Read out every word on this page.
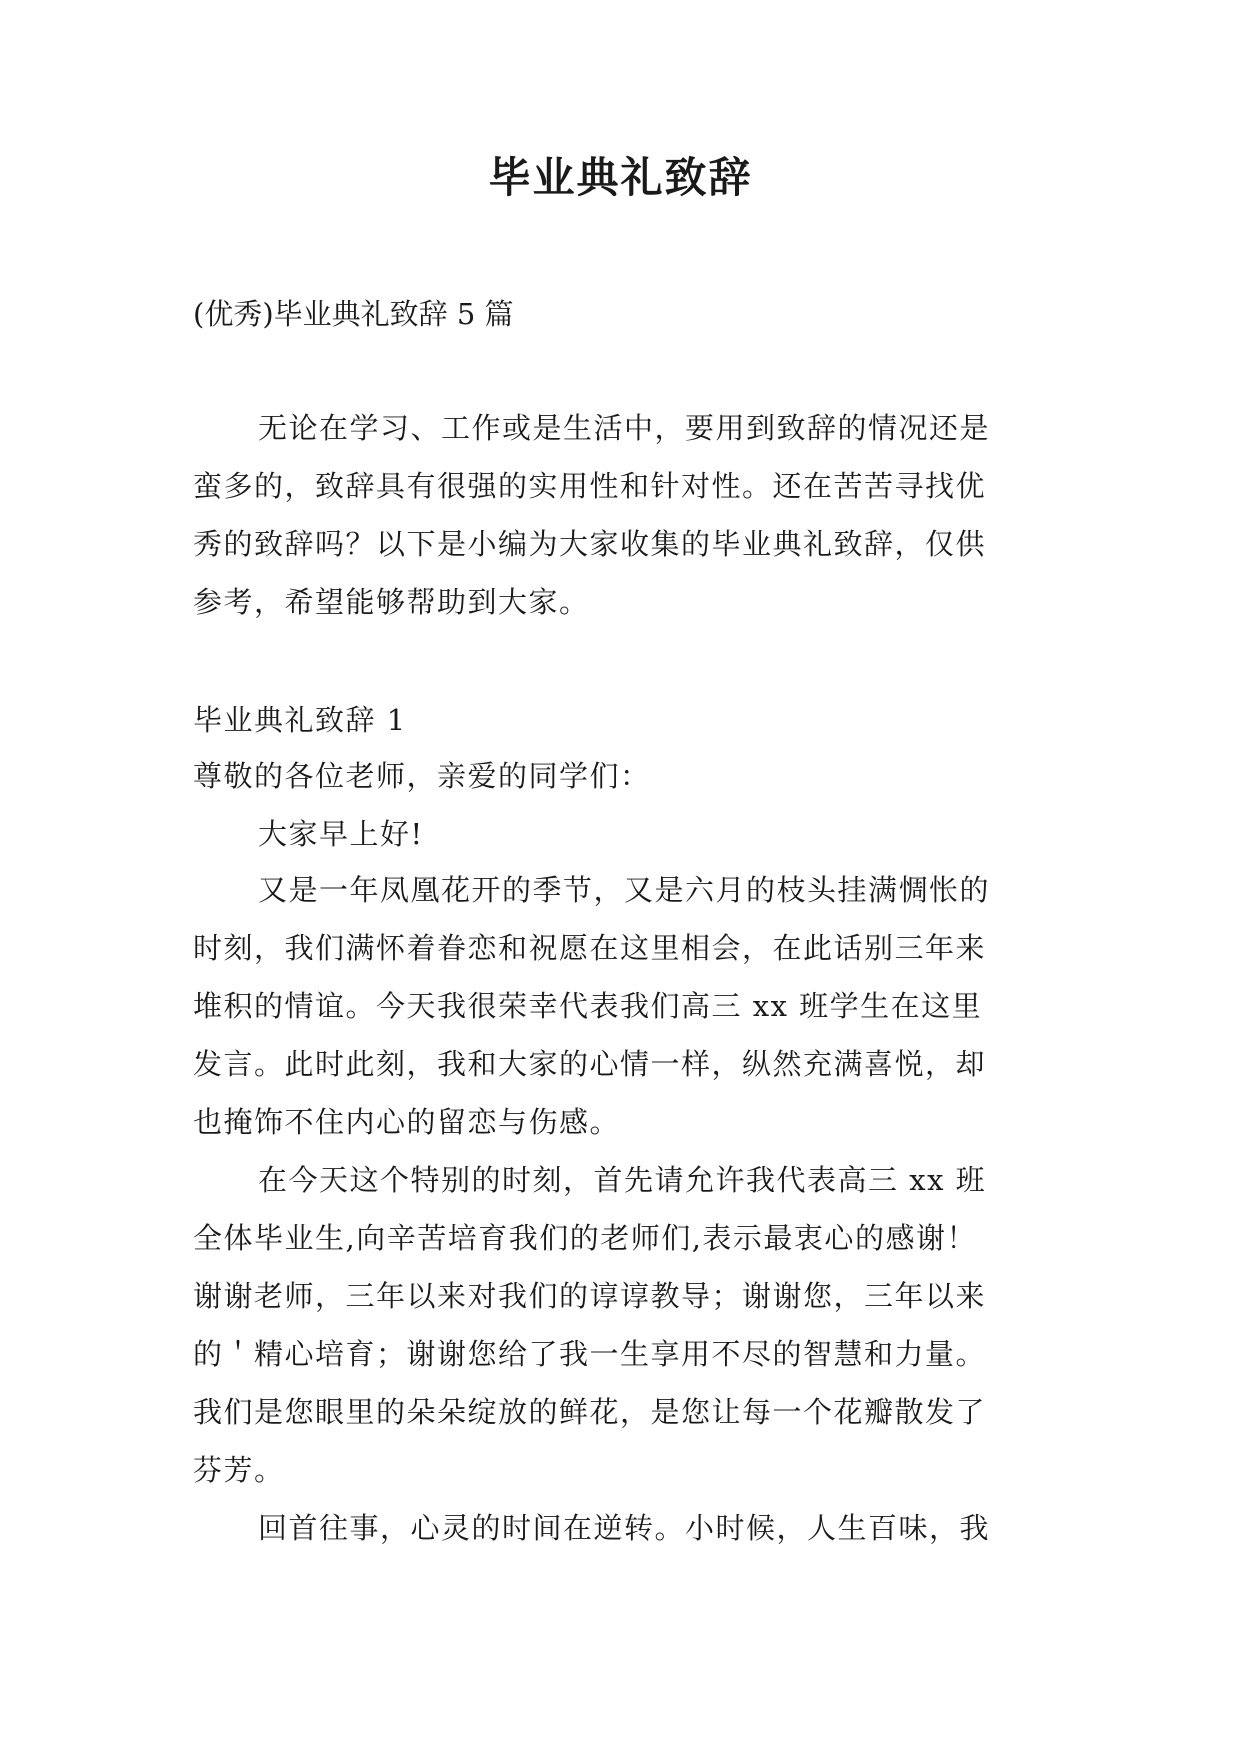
毕业典礼致辞

(优秀)毕业典礼致辞 5 篇

无论在学习、工作或是生活中，要用到致辞的情况还是

蛮多的，致辞具有很强的实用性和针对性。还在苦苦寻找优

秀的致辞吗？以下是小编为大家收集的毕业典礼致辞，仅供

参考，希望能够帮助到大家。

毕业典礼致辞 1

尊敬的各位老师，亲爱的同学们：

大家早上好!

又是一年凤凰花开的季节，又是六月的枝头挂满惆怅的

时刻，我们满怀着眷恋和祝愿在这里相会，在此话别三年来

堆积的情谊。今天我很荣幸代表我们高三 xx 班学生在这里

发言。此时此刻，我和大家的心情一样，纵然充满喜悦，却

也掩饰不住内心的留恋与伤感。

在今天这个特别的时刻，首先请允许我代表高三 xx 班

全体毕业生,向辛苦培育我们的老师们,表示最衷心的感谢！

谢谢老师，三年以来对我们的谆谆教导；谢谢您，三年以来

的＇精心培育；谢谢您给了我一生享用不尽的智慧和力量。

我们是您眼里的朵朵绽放的鲜花，是您让每一个花瓣散发了

芬芳。

回首往事，心灵的时间在逆转。小时候，人生百味，我
